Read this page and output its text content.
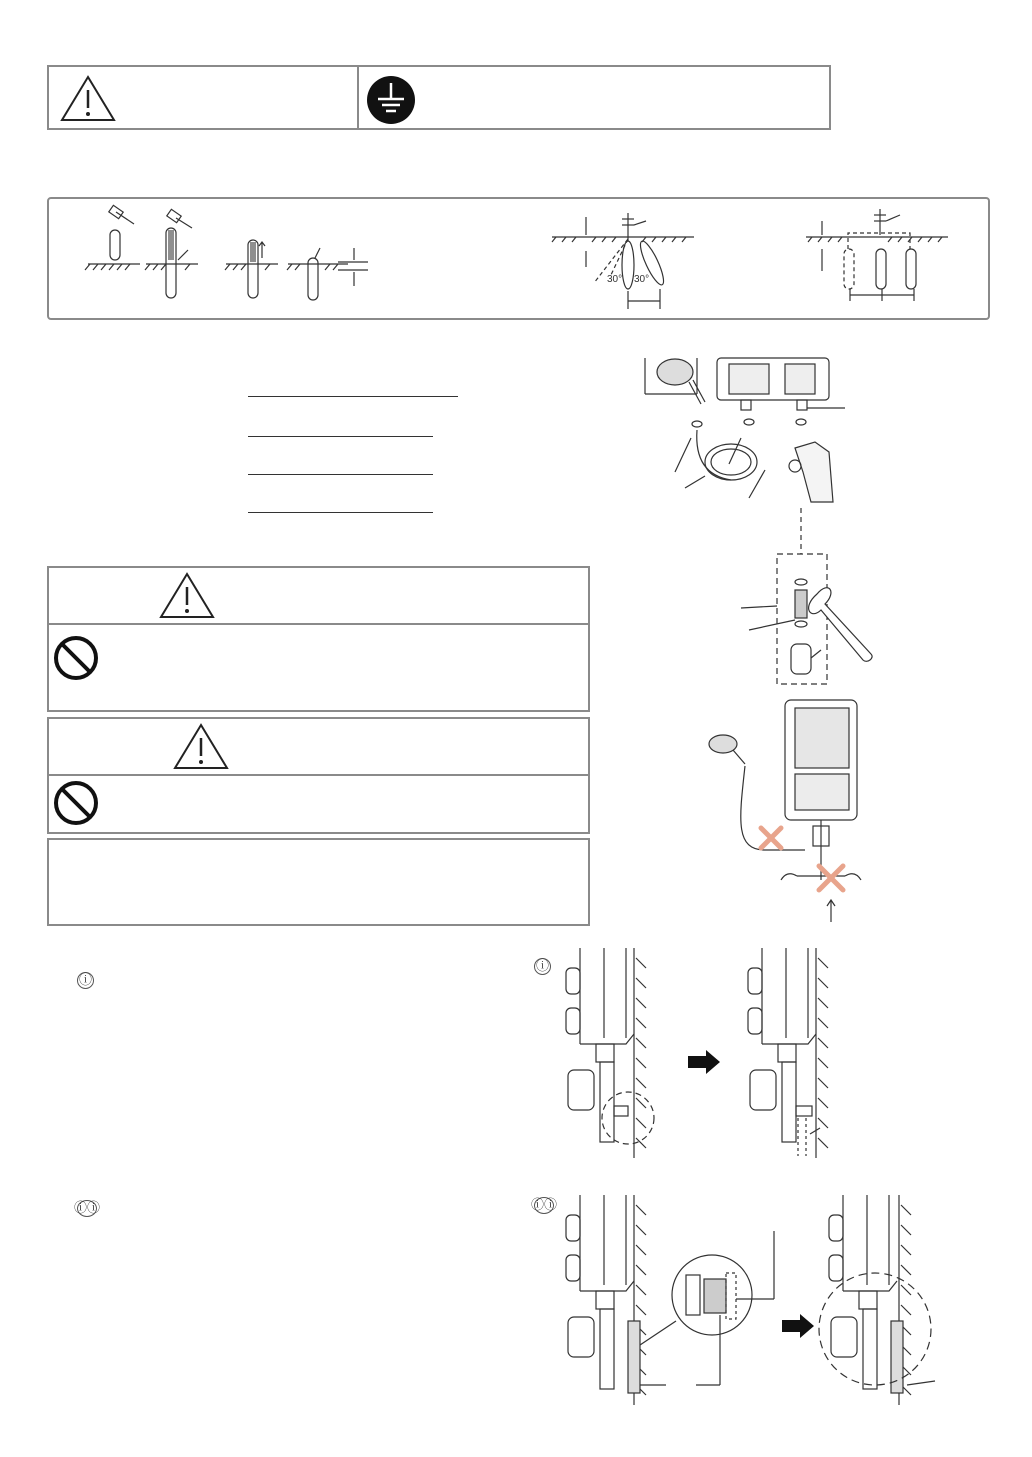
30° 30°
ⓘ
ⓘ
ⓘⓘ	ⓘⓘ
